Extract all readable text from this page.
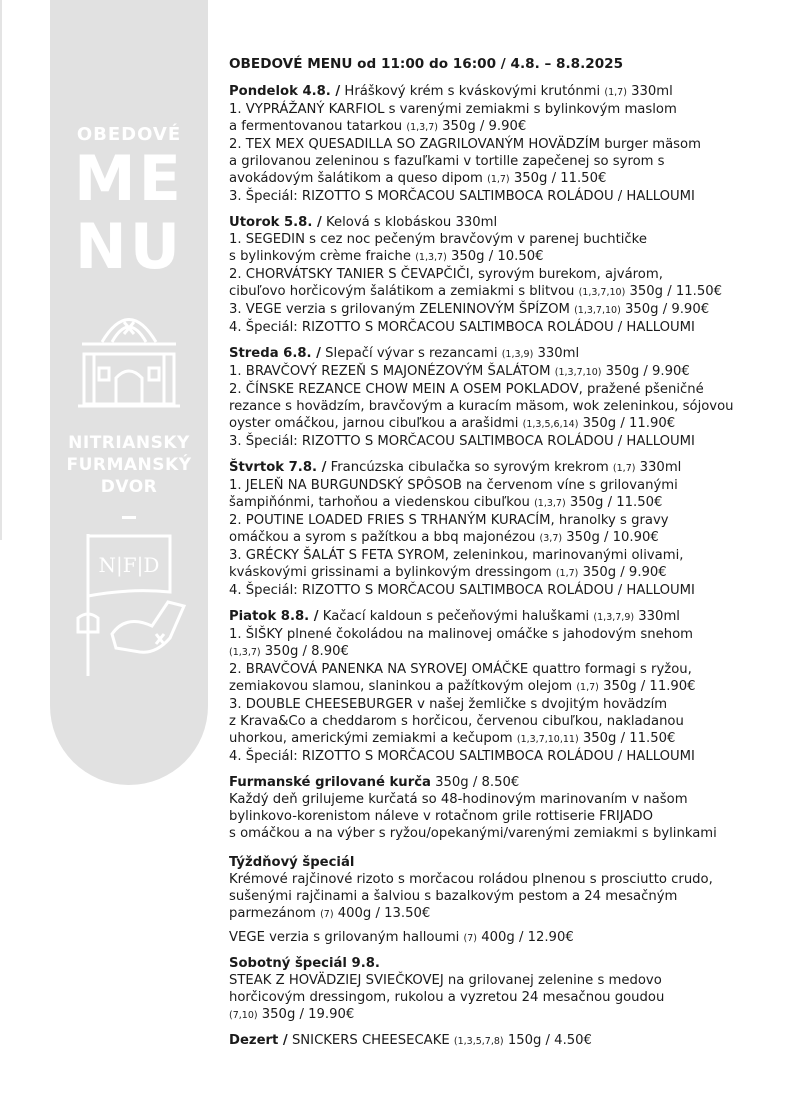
OBEDOVÉ
ME
NU
NITRIANSKY
FURMANSKÝ
DVOR
N|F|D
OBEDOVÉ MENU od 11:00 do 16:00 / 4.8. – 8.8.2025
Pondelok 4.8. / Hráškový krém s kváskovými krutónmi (1,7) 330ml
1. VYPRÁŽANÝ KARFIOL s varenými zemiakmi s bylinkovým maslom
a fermentovanou tatarkou (1,3,7) 350g / 9.90€
2. TEX MEX QUESADILLA SO ZAGRILOVANÝM HOVÄDZÍM burger mäsom
a grilovanou zeleninou s fazuľkami v tortille zapečenej so syrom s
avokádovým šalátikom a queso dipom (1,7) 350g / 11.50€
3. Špeciál: RIZOTTO S MORČACOU SALTIMBOCA ROLÁDOU / HALLOUMI
Utorok 5.8. / Kelová s klobáskou 330ml
1. SEGEDIN s cez noc pečeným bravčovým v parenej buchtičke
s bylinkovým crème fraiche (1,3,7) 350g / 10.50€
2. CHORVÁTSKY TANIER S ČEVAPČIČI, syrovým burekom, ajvárom,
cibuľovo horčicovým šalátikom a zemiakmi s blitvou (1,3,7,10) 350g / 11.50€
3. VEGE verzia s grilovaným ZELENINOVÝM ŠPÍZOM (1,3,7,10) 350g / 9.90€
4. Špeciál: RIZOTTO S MORČACOU SALTIMBOCA ROLÁDOU / HALLOUMI
Streda 6.8. / Slepačí vývar s rezancami (1,3,9) 330ml
1. BRAVČOVÝ REZEŇ S MAJONÉZOVÝM ŠALÁTOM (1,3,7,10) 350g / 9.90€
2. ČÍNSKE REZANCE CHOW MEIN A OSEM POKLADOV, pražené pšeničné
rezance s hovädzím, bravčovým a kuracím mäsom, wok zeleninkou, sójovou
oyster omáčkou, jarnou cibuľkou a arašidmi (1,3,5,6,14) 350g / 11.90€
3. Špeciál: RIZOTTO S MORČACOU SALTIMBOCA ROLÁDOU / HALLOUMI
Štvrtok 7.8. / Francúzska cibulačka so syrovým krekrom (1,7) 330ml
1. JELEŇ NA BURGUNDSKÝ SPÔSOB na červenom víne s grilovanými
šampiňónmi, tarhoňou a viedenskou cibuľkou (1,3,7) 350g / 11.50€
2. POUTINE LOADED FRIES S TRHANÝM KURACÍM, hranolky s gravy
omáčkou a syrom s pažítkou a bbq majonézou (3,7) 350g / 10.90€
3. GRÉCKY ŠALÁT S FETA SYROM, zeleninkou, marinovanými olivami,
kváskovými grissinami a bylinkovým dressingom (1,7) 350g / 9.90€
4. Špeciál: RIZOTTO S MORČACOU SALTIMBOCA ROLÁDOU / HALLOUMI
Piatok 8.8. / Kačací kaldoun s pečeňovými haluškami (1,3,7,9) 330ml
1. ŠIŠKY plnené čokoládou na malinovej omáčke s jahodovým snehom
(1,3,7) 350g / 8.90€
2. BRAVČOVÁ PANENKA NA SYROVEJ OMÁČKE quattro formagi s ryžou,
zemiakovou slamou, slaninkou a pažítkovým olejom (1,7) 350g / 11.90€
3. DOUBLE CHEESEBURGER v našej žemličke s dvojitým hovädzím
z Krava&Co a cheddarom s horčicou, červenou cibuľkou, nakladanou
uhorkou, americkými zemiakmi a kečupom (1,3,7,10,11) 350g / 11.50€
4. Špeciál: RIZOTTO S MORČACOU SALTIMBOCA ROLÁDOU / HALLOUMI
Furmanské grilované kurča 350g / 8.50€
Každý deň grilujeme kurčatá so 48-hodinovým marinovaním v našom
bylinkovo-korenistom náleve v rotačnom grile rottiserie FRIJADO
s omáčkou a na výber s ryžou/opekanými/varenými zemiakmi s bylinkami
Týždňový špeciál
Krémové rajčinové rizoto s morčacou roládou plnenou s prosciutto crudo,
sušenými rajčinami a šalviou s bazalkovým pestom a 24 mesačným
parmezánom (7) 400g / 13.50€
VEGE verzia s grilovaným halloumi (7) 400g / 12.90€
Sobotný špeciál 9.8.
STEAK Z HOVÄDZIEJ SVIEČKOVEJ na grilovanej zelenine s medovo
horčicovým dressingom, rukolou a vyzretou 24 mesačnou goudou
(7,10) 350g / 19.90€
Dezert / SNICKERS CHEESECAKE (1,3,5,7,8) 150g / 4.50€
